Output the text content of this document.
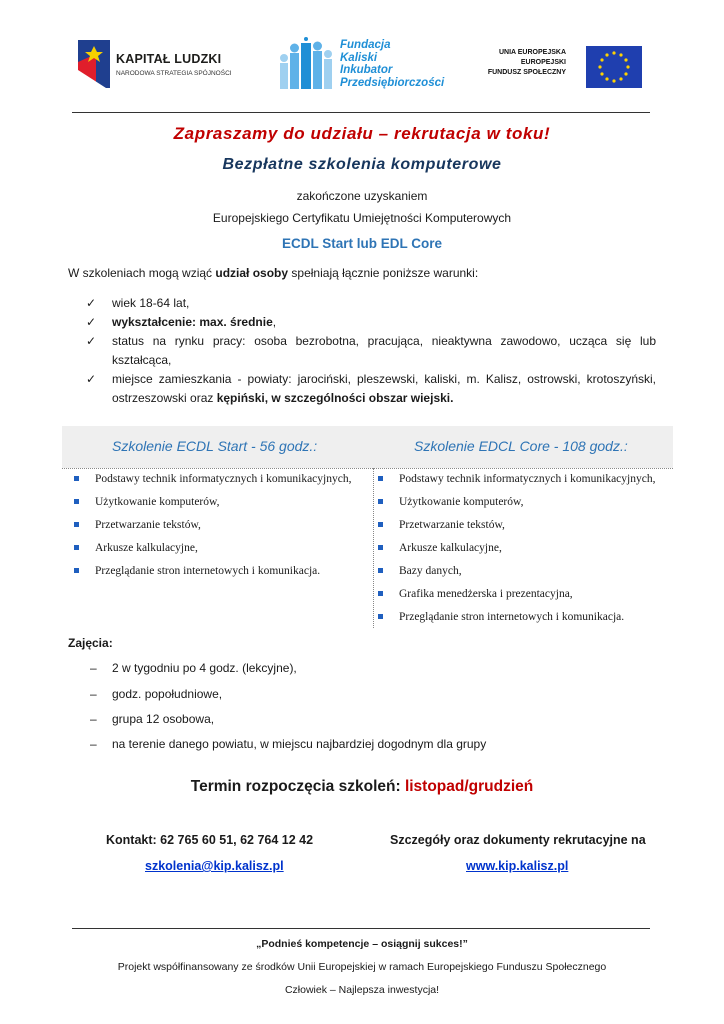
KAPITAŁ LUDZKI
NARODOWA STRATEGIA SPÓJNOŚCI
Fundacja
Kaliski
Inkubator
Przedsiębiorczości
UNIA EUROPEJSKA
EUROPEJSKI
FUNDUSZ SPOŁECZNY
Zapraszamy do udziału – rekrutacja w toku!
Bezpłatne szkolenia komputerowe
zakończone uzyskaniem
Europejskiego Certyfikatu Umiejętności Komputerowych
ECDL Start lub EDL Core
W szkoleniach mogą wziąć udział osoby spełniają łącznie poniższe warunki:
✓ wiek 18-64 lat,
✓ wykształcenie: max. średnie,
✓ status na rynku pracy: osoba bezrobotna, pracująca, nieaktywna zawodowo, ucząca się lub kształcąca,
✓ miejsce zamieszkania - powiaty: jarociński, pleszewski, kaliski, m. Kalisz, ostrowski, krotoszyński, ostrzeszowski oraz kępiński, w szczególności obszar wiejski.
Szkolenie ECDL Start - 56 godz.:	Szkolenie EDCL Core - 108 godz.:
Podstawy technik informatycznych i komunikacyjnych,
Użytkowanie komputerów,
Przetwarzanie tekstów,
Arkusze kalkulacyjne,
Przeglądanie stron internetowych i komunikacja.
Podstawy technik informatycznych i komunikacyjnych,
Użytkowanie komputerów,
Przetwarzanie tekstów,
Arkusze kalkulacyjne,
Bazy danych,
Grafika menedżerska i prezentacyjna,
Przeglądanie stron internetowych i komunikacja.
Zajęcia:
– 2 w tygodniu po 4 godz. (lekcyjne),
– godz. popołudniowe,
– grupa 12 osobowa,
– na terenie danego powiatu, w miejscu najbardziej dogodnym dla grupy
Termin rozpoczęcia szkoleń: listopad/grudzień
Kontakt: 62 765 60 51, 62 764 12 42
szkolenia@kip.kalisz.pl
Szczegóły oraz dokumenty rekrutacyjne na
www.kip.kalisz.pl
„Podnieś kompetencje – osiągnij sukces!”
Projekt współfinansowany ze środków Unii Europejskiej w ramach Europejskiego Funduszu Społecznego
Człowiek – Najlepsza inwestycja!
